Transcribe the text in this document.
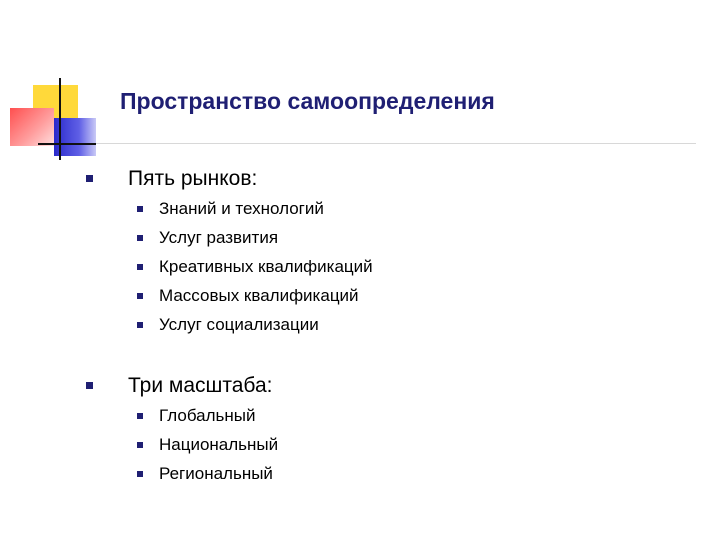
Пространство самоопределения
Пять рынков:
Знаний и технологий
Услуг развития
Креативных квалификаций
Массовых квалификаций
Услуг социализации
Три масштаба:
Глобальный
Национальный
Региональный
